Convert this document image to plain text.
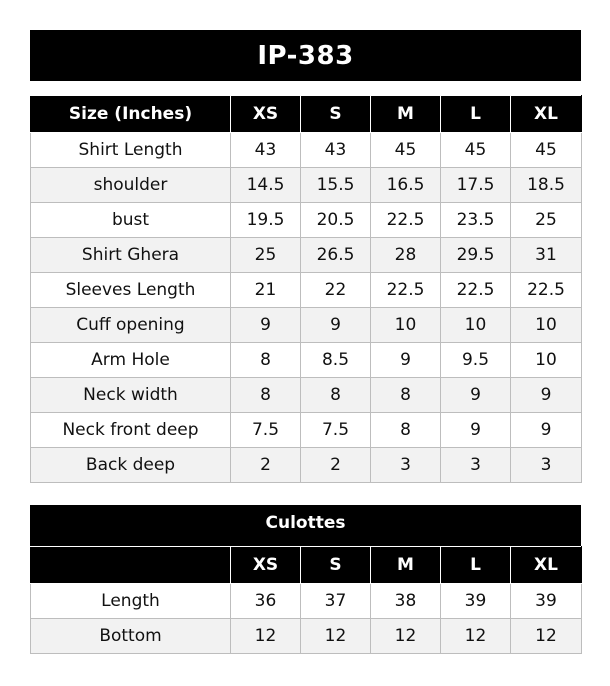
IP-383
Size (Inches)	XS	S	M	L	XL
Shirt Length	43	43	45	45	45
shoulder	14.5	15.5	16.5	17.5	18.5
bust	19.5	20.5	22.5	23.5	25
Shirt Ghera	25	26.5	28	29.5	31
Sleeves Length	21	22	22.5	22.5	22.5
Cuff opening	9	9	10	10	10
Arm Hole	8	8.5	9	9.5	10
Neck width	8	8	8	9	9
Neck front deep	7.5	7.5	8	9	9
Back deep	2	2	3	3	3
Culottes
	XS	S	M	L	XL
Length	36	37	38	39	39
Bottom	12	12	12	12	12
